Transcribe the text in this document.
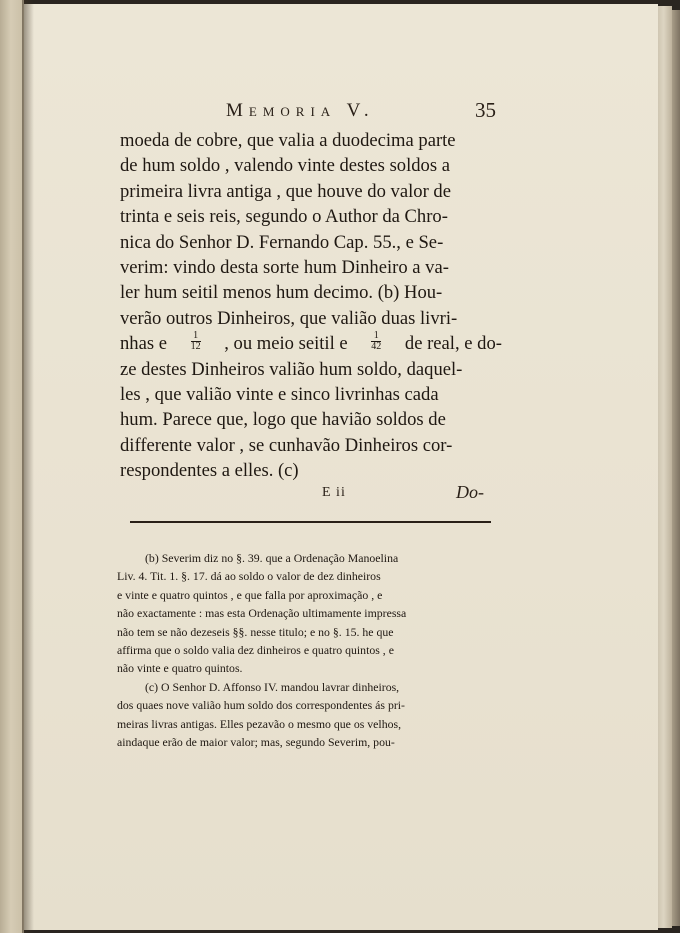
Memoria V.	35
moeda de cobre, que valia a duodecima parte
de hum soldo , valendo vinte destes soldos a
primeira livra antiga , que houve do valor de
trinta e seis reis, segundo o Author da Chro-
nica do Senhor D. Fernando Cap. 55., e Se-
verim: vindo desta sorte hum Dinheiro a va-
ler hum seitil menos hum decimo. (b) Hou-
verão outros Dinheiros, que valião duas livri-
nhas e $\frac{1}{12}$ , ou meio seitil e $\frac{1}{42}$ de real, e do-
ze destes Dinheiros valião hum soldo, daquel-
les , que valião vinte e sinco livrinhas cada
hum. Parece que, logo que havião soldos de
differente valor , se cunhavão Dinheiros cor-
respondentes a elles. (c)
E ii	Do-
(b) Severim diz no §. 39. que a Ordenação Manoelina
Liv. 4. Tit. 1. §. 17. dá ao soldo o valor de dez dinheiros
e vinte e quatro quintos , e que falla por aproximação , e
não exactamente : mas esta Ordenação ultimamente impressa
não tem se não dezeseis §§. nesse titulo; e no §. 15. he que
affirma que o soldo valia dez dinheiros e quatro quintos , e
não vinte e quatro quintos.
(c) O Senhor D. Affonso IV. mandou lavrar dinheiros,
dos quaes nove valião hum soldo dos correspondentes ás pri-
meiras livras antigas. Elles pezavão o mesmo que os velhos,
aindaque erão de maior valor; mas, segundo Severim, pou-
